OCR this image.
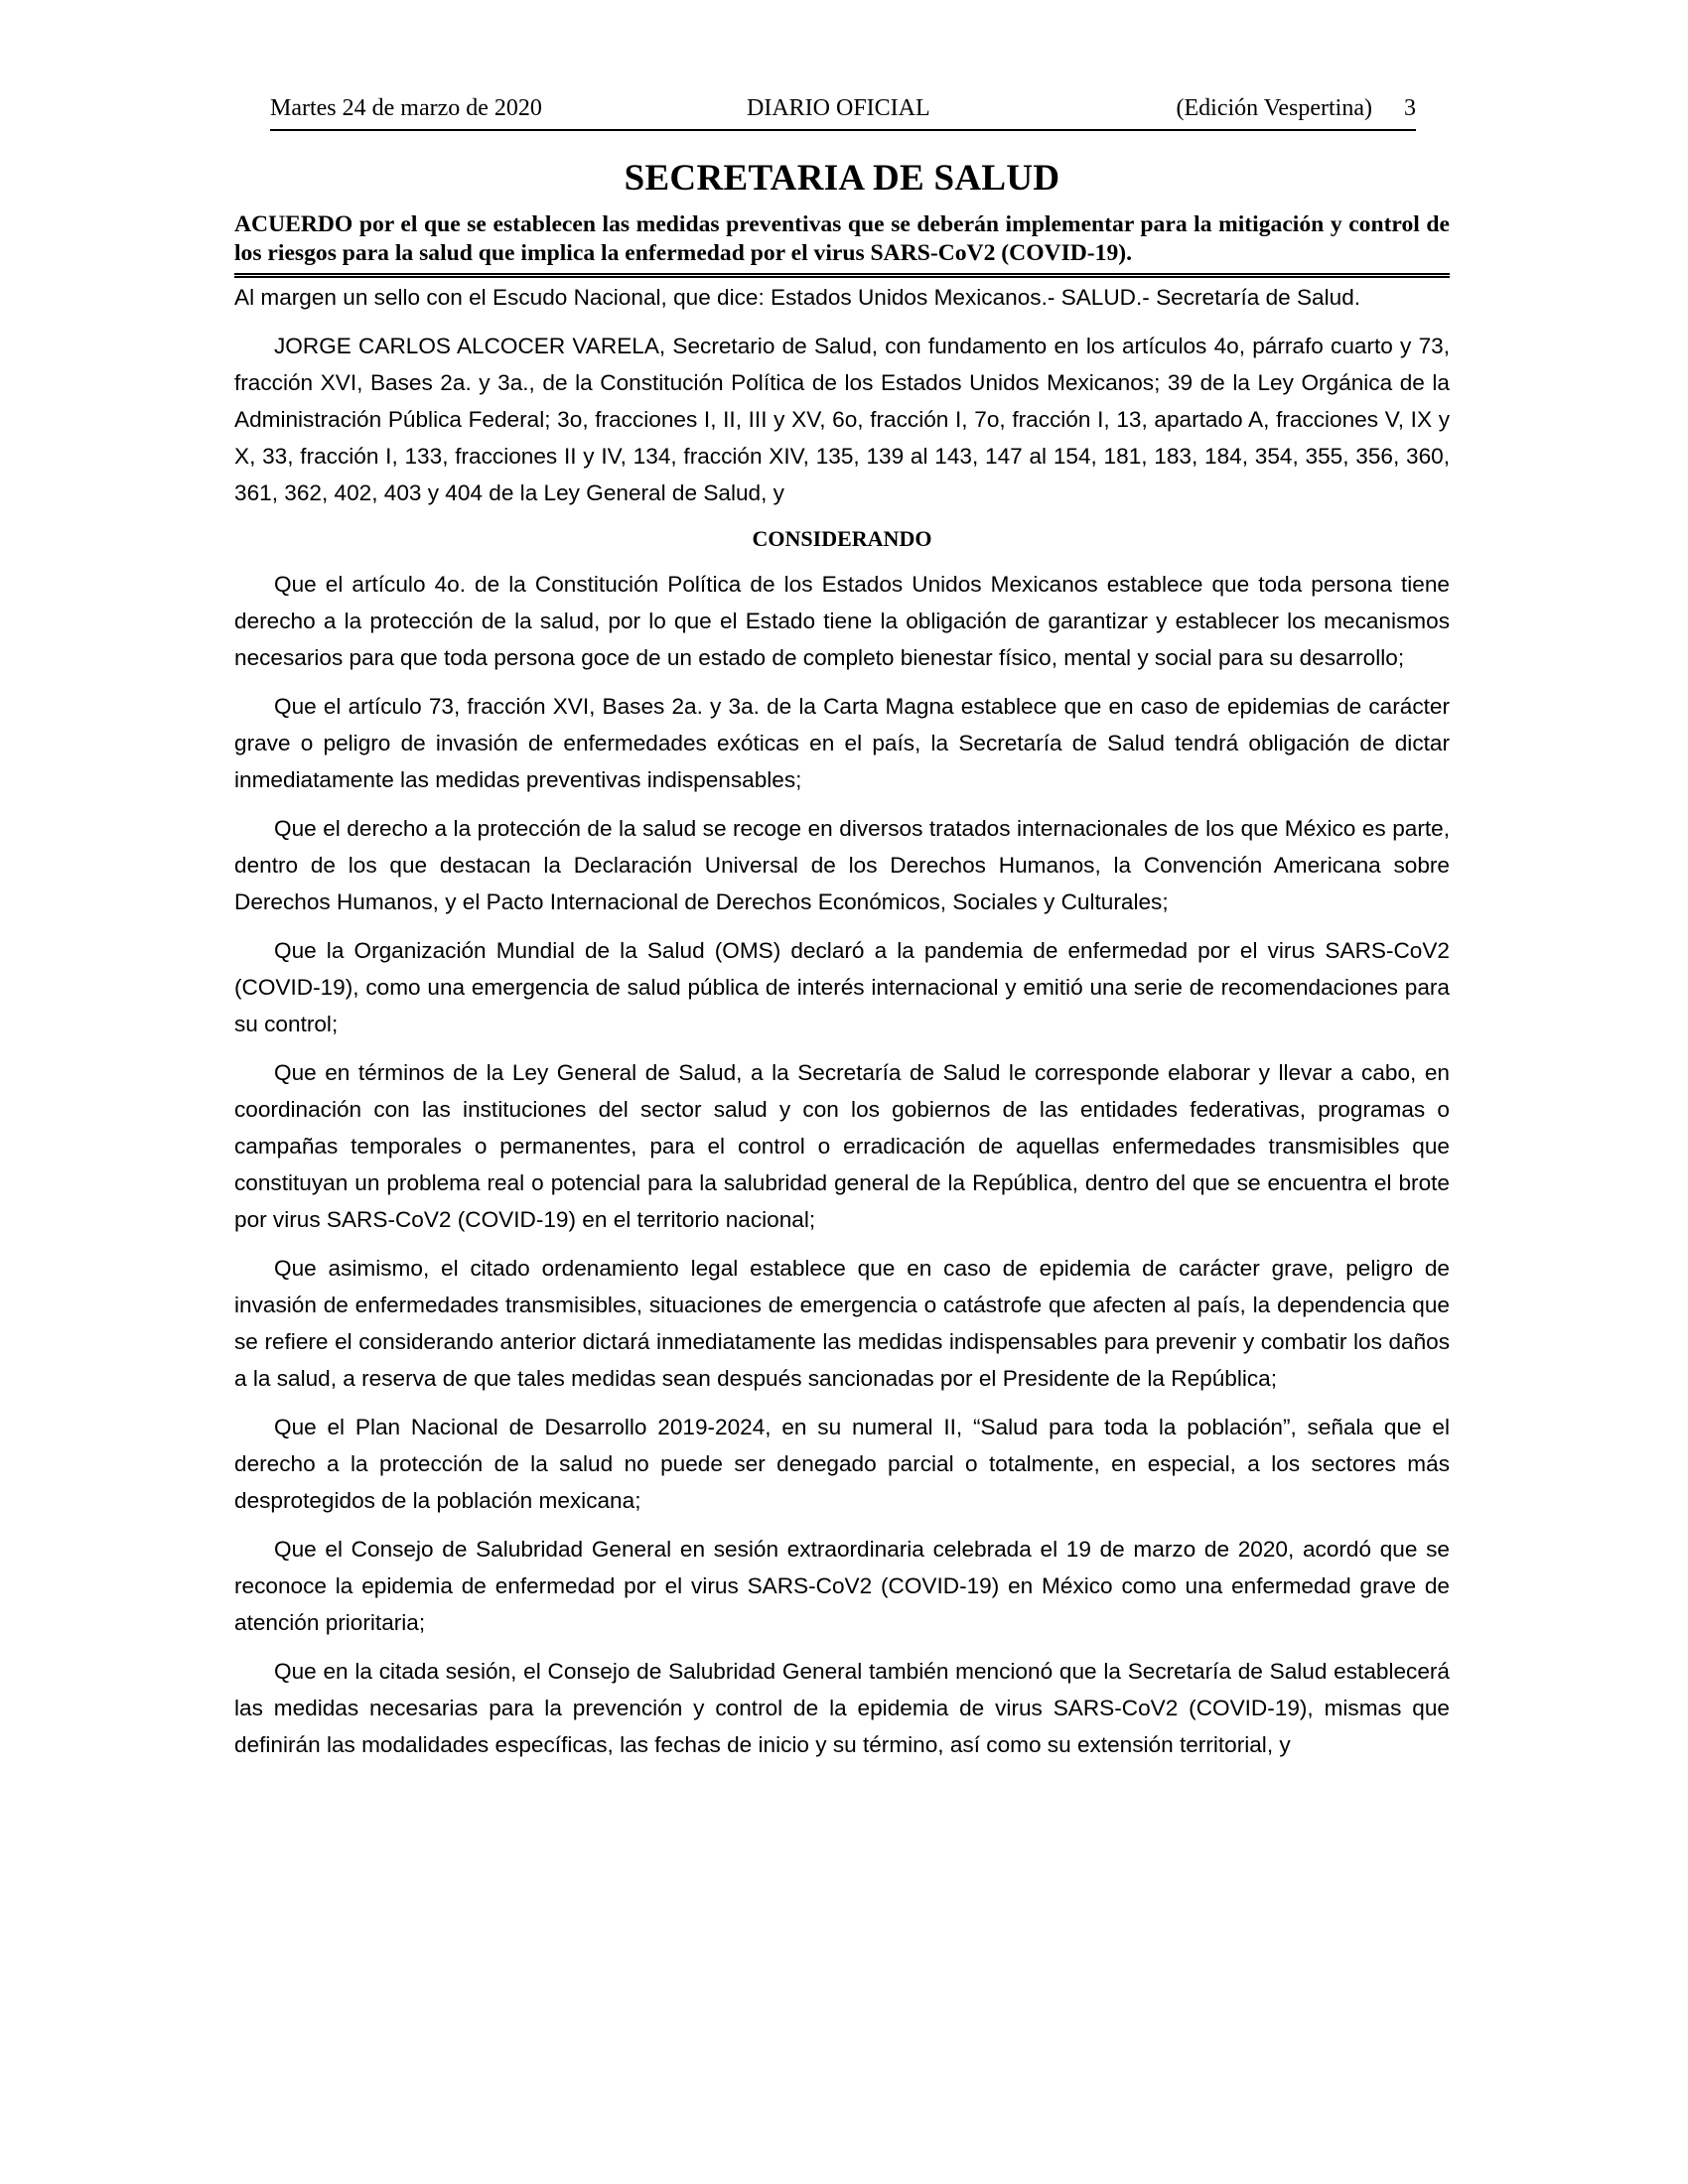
Martes 24 de marzo de 2020	DIARIO OFICIAL	(Edición Vespertina) 3
SECRETARIA DE SALUD
ACUERDO por el que se establecen las medidas preventivas que se deberán implementar para la mitigación y control de los riesgos para la salud que implica la enfermedad por el virus SARS-CoV2 (COVID-19).

Al margen un sello con el Escudo Nacional, que dice: Estados Unidos Mexicanos.- SALUD.- Secretaría de Salud.

JORGE CARLOS ALCOCER VARELA, Secretario de Salud, con fundamento en los artículos 4o, párrafo cuarto y 73, fracción XVI, Bases 2a. y 3a., de la Constitución Política de los Estados Unidos Mexicanos; 39 de la Ley Orgánica de la Administración Pública Federal; 3o, fracciones I, II, III y XV, 6o, fracción I, 7o, fracción I, 13, apartado A, fracciones V, IX y X, 33, fracción I, 133, fracciones II y IV, 134, fracción XIV, 135, 139 al 143, 147 al 154, 181, 183, 184, 354, 355, 356, 360, 361, 362, 402, 403 y 404 de la Ley General de Salud, y

CONSIDERANDO

Que el artículo 4o. de la Constitución Política de los Estados Unidos Mexicanos establece que toda persona tiene derecho a la protección de la salud, por lo que el Estado tiene la obligación de garantizar y establecer los mecanismos necesarios para que toda persona goce de un estado de completo bienestar físico, mental y social para su desarrollo;

Que el artículo 73, fracción XVI, Bases 2a. y 3a. de la Carta Magna establece que en caso de epidemias de carácter grave o peligro de invasión de enfermedades exóticas en el país, la Secretaría de Salud tendrá obligación de dictar inmediatamente las medidas preventivas indispensables;

Que el derecho a la protección de la salud se recoge en diversos tratados internacionales de los que México es parte, dentro de los que destacan la Declaración Universal de los Derechos Humanos, la Convención Americana sobre Derechos Humanos, y el Pacto Internacional de Derechos Económicos, Sociales y Culturales;

Que la Organización Mundial de la Salud (OMS) declaró a la pandemia de enfermedad por el virus SARS-CoV2 (COVID-19), como una emergencia de salud pública de interés internacional y emitió una serie de recomendaciones para su control;

Que en términos de la Ley General de Salud, a la Secretaría de Salud le corresponde elaborar y llevar a cabo, en coordinación con las instituciones del sector salud y con los gobiernos de las entidades federativas, programas o campañas temporales o permanentes, para el control o erradicación de aquellas enfermedades transmisibles que constituyan un problema real o potencial para la salubridad general de la República, dentro del que se encuentra el brote por virus SARS-CoV2 (COVID-19) en el territorio nacional;

Que asimismo, el citado ordenamiento legal establece que en caso de epidemia de carácter grave, peligro de invasión de enfermedades transmisibles, situaciones de emergencia o catástrofe que afecten al país, la dependencia que se refiere el considerando anterior dictará inmediatamente las medidas indispensables para prevenir y combatir los daños a la salud, a reserva de que tales medidas sean después sancionadas por el Presidente de la República;

Que el Plan Nacional de Desarrollo 2019-2024, en su numeral II, “Salud para toda la población”, señala que el derecho a la protección de la salud no puede ser denegado parcial o totalmente, en especial, a los sectores más desprotegidos de la población mexicana;

Que el Consejo de Salubridad General en sesión extraordinaria celebrada el 19 de marzo de 2020, acordó que se reconoce la epidemia de enfermedad por el virus SARS-CoV2 (COVID-19) en México como una enfermedad grave de atención prioritaria;

Que en la citada sesión, el Consejo de Salubridad General también mencionó que la Secretaría de Salud establecerá las medidas necesarias para la prevención y control de la epidemia de virus SARS-CoV2 (COVID-19), mismas que definirán las modalidades específicas, las fechas de inicio y su término, así como su extensión territorial, y
